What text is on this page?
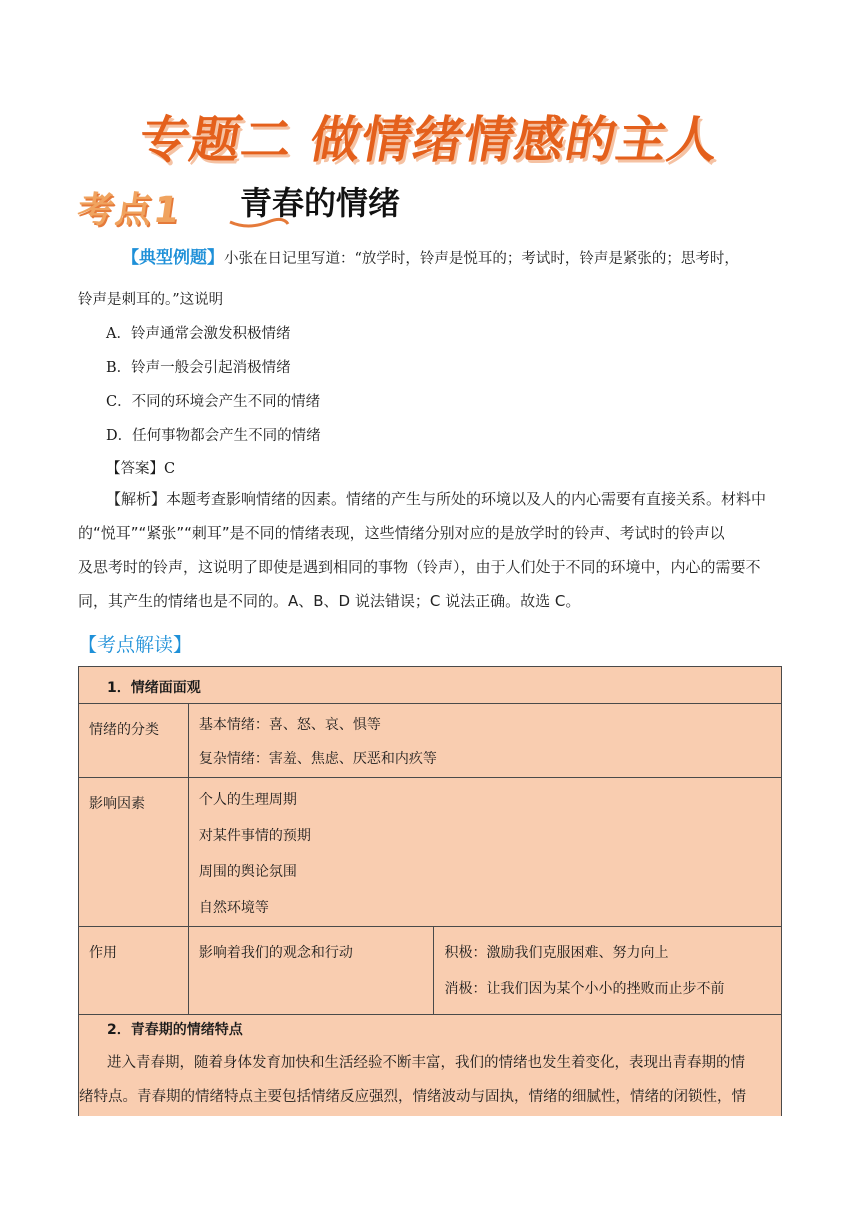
专题二 做情绪情感的主人
考点1 青春的情绪
【典型例题】小张在日记里写道：“放学时，铃声是悦耳的；考试时，铃声是紧张的；思考时，
铃声是刺耳的。”这说明
A．铃声通常会激发积极情绪
B．铃声一般会引起消极情绪
C．不同的环境会产生不同的情绪
D．任何事物都会产生不同的情绪
【答案】C
【解析】本题考查影响情绪的因素。情绪的产生与所处的环境以及人的内心需要有直接关系。材料中
的“悦耳”“紧张”“刺耳”是不同的情绪表现，这些情绪分别对应的是放学时的铃声、考试时的铃声以
及思考时的铃声，这说明了即使是遇到相同的事物（铃声），由于人们处于不同的环境中，内心的需要不
同，其产生的情绪也是不同的。A、B、D 说法错误；C 说法正确。故选 C。
【考点解读】
1．情绪面面观
情绪的分类	基本情绪：喜、怒、哀、惧等
复杂情绪：害羞、焦虑、厌恶和内疚等	

影响因素	个人的生理周期
对某件事情的预期
周围的舆论氛围
自然环境等	

作用	影响着我们的观念和行动	积极：激励我们克服困难、努力向上
消极：让我们因为某个小小的挫败而止步不前
2．青春期的情绪特点
进入青春期，随着身体发育加快和生活经验不断丰富，我们的情绪也发生着变化，表现出青春期的情
绪特点。青春期的情绪特点主要包括情绪反应强烈，情绪波动与固执，情绪的细腻性，情绪的闭锁性，情
